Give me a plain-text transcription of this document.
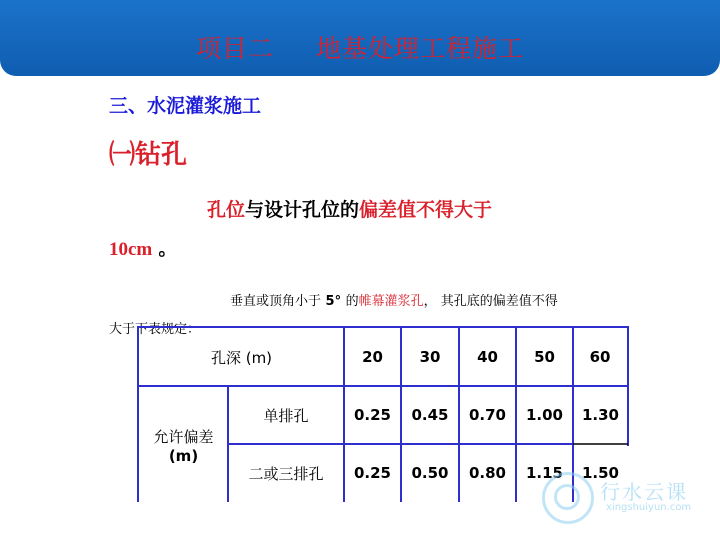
项目二 地基处理工程施工
三、水泥灌浆施工
㈠钻孔
孔位与设计孔位的偏差值不得大于
10cm 。
垂直或顶角小于 5° 的帷幕灌浆孔， 其孔底的偏差值不得
大于下表规定：
孔深 (m)	20	30	40	50	60
允许偏差
(m)
单排孔	0.25	0.45	0.70	1.00	1.30
二或三排孔	0.25	0.50	0.80	1.15	1.50
行水云课
xingshuiyun.com
